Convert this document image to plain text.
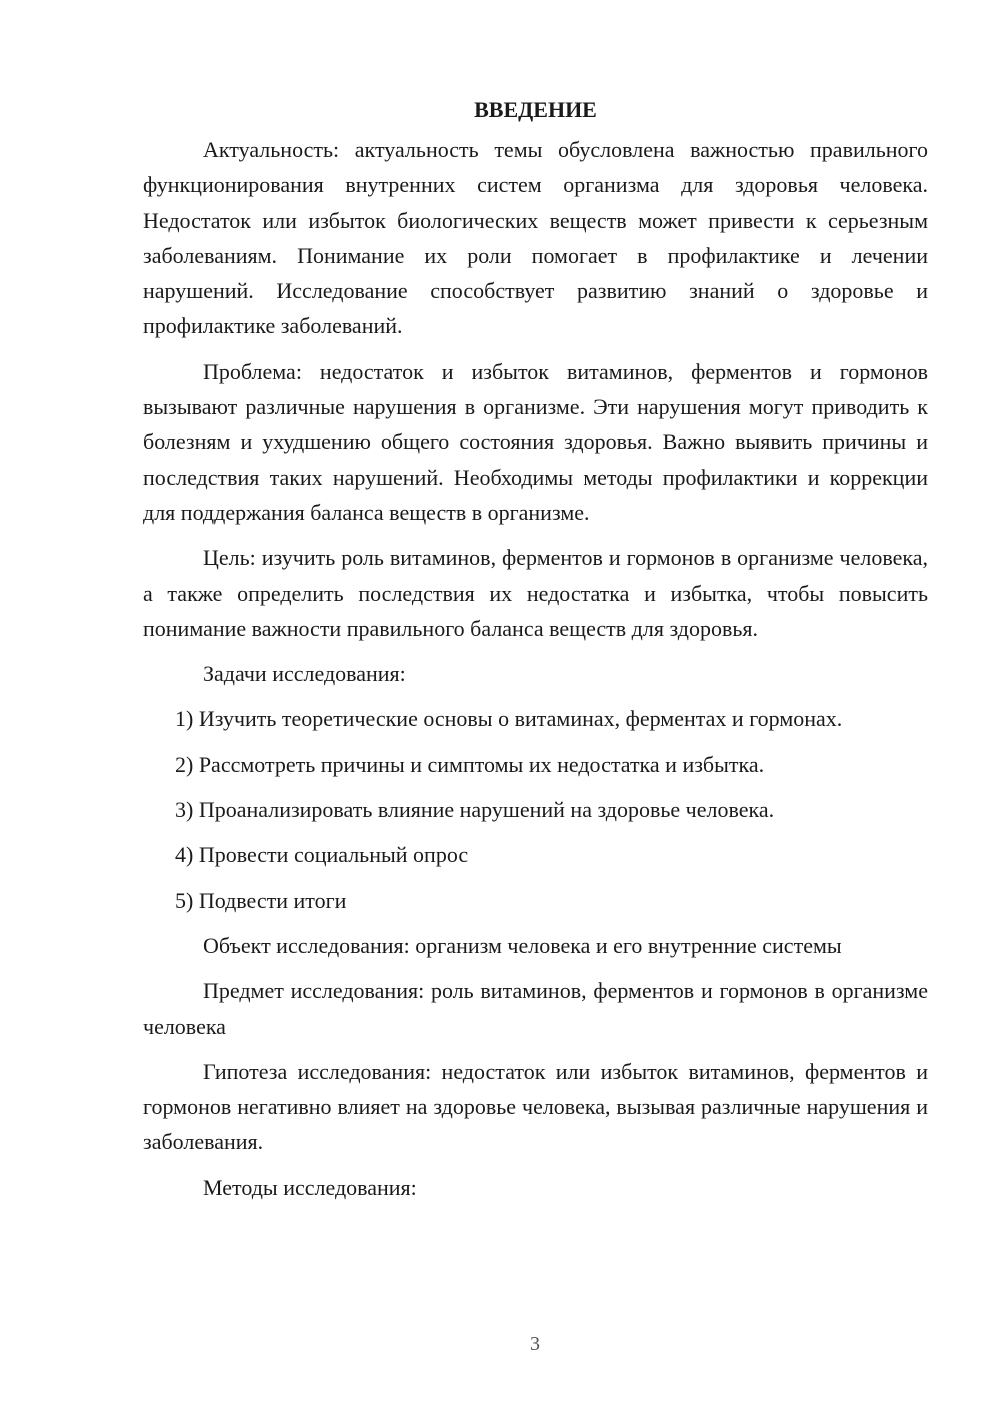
ВВЕДЕНИЕ

Актуальность: актуальность темы обусловлена важностью правильного функционирования внутренних систем организма для здоровья человека. Недостаток или избыток биологических веществ может привести к серьезным заболеваниям. Понимание их роли помогает в профилактике и лечении нарушений. Исследование способствует развитию знаний о здоровье и профилактике заболеваний.

Проблема: недостаток и избыток витаминов, ферментов и гормонов вызывают различные нарушения в организме. Эти нарушения могут приводить к болезням и ухудшению общего состояния здоровья. Важно выявить причины и последствия таких нарушений. Необходимы методы профилактики и коррекции для поддержания баланса веществ в организме.

Цель: изучить роль витаминов, ферментов и гормонов в организме человека, а также определить последствия их недостатка и избытка, чтобы повысить понимание важности правильного баланса веществ для здоровья.

Задачи исследования:

1) Изучить теоретические основы о витаминах, ферментах и гормонах.

2) Рассмотреть причины и симптомы их недостатка и избытка.

3) Проанализировать влияние нарушений на здоровье человека.

4) Провести социальный опрос

5) Подвести итоги

Объект исследования: организм человека и его внутренние системы

Предмет исследования: роль витаминов, ферментов и гормонов в организме человека

Гипотеза исследования: недостаток или избыток витаминов, ферментов и гормонов негативно влияет на здоровье человека, вызывая различные нарушения и заболевания.

Методы исследования:

3
